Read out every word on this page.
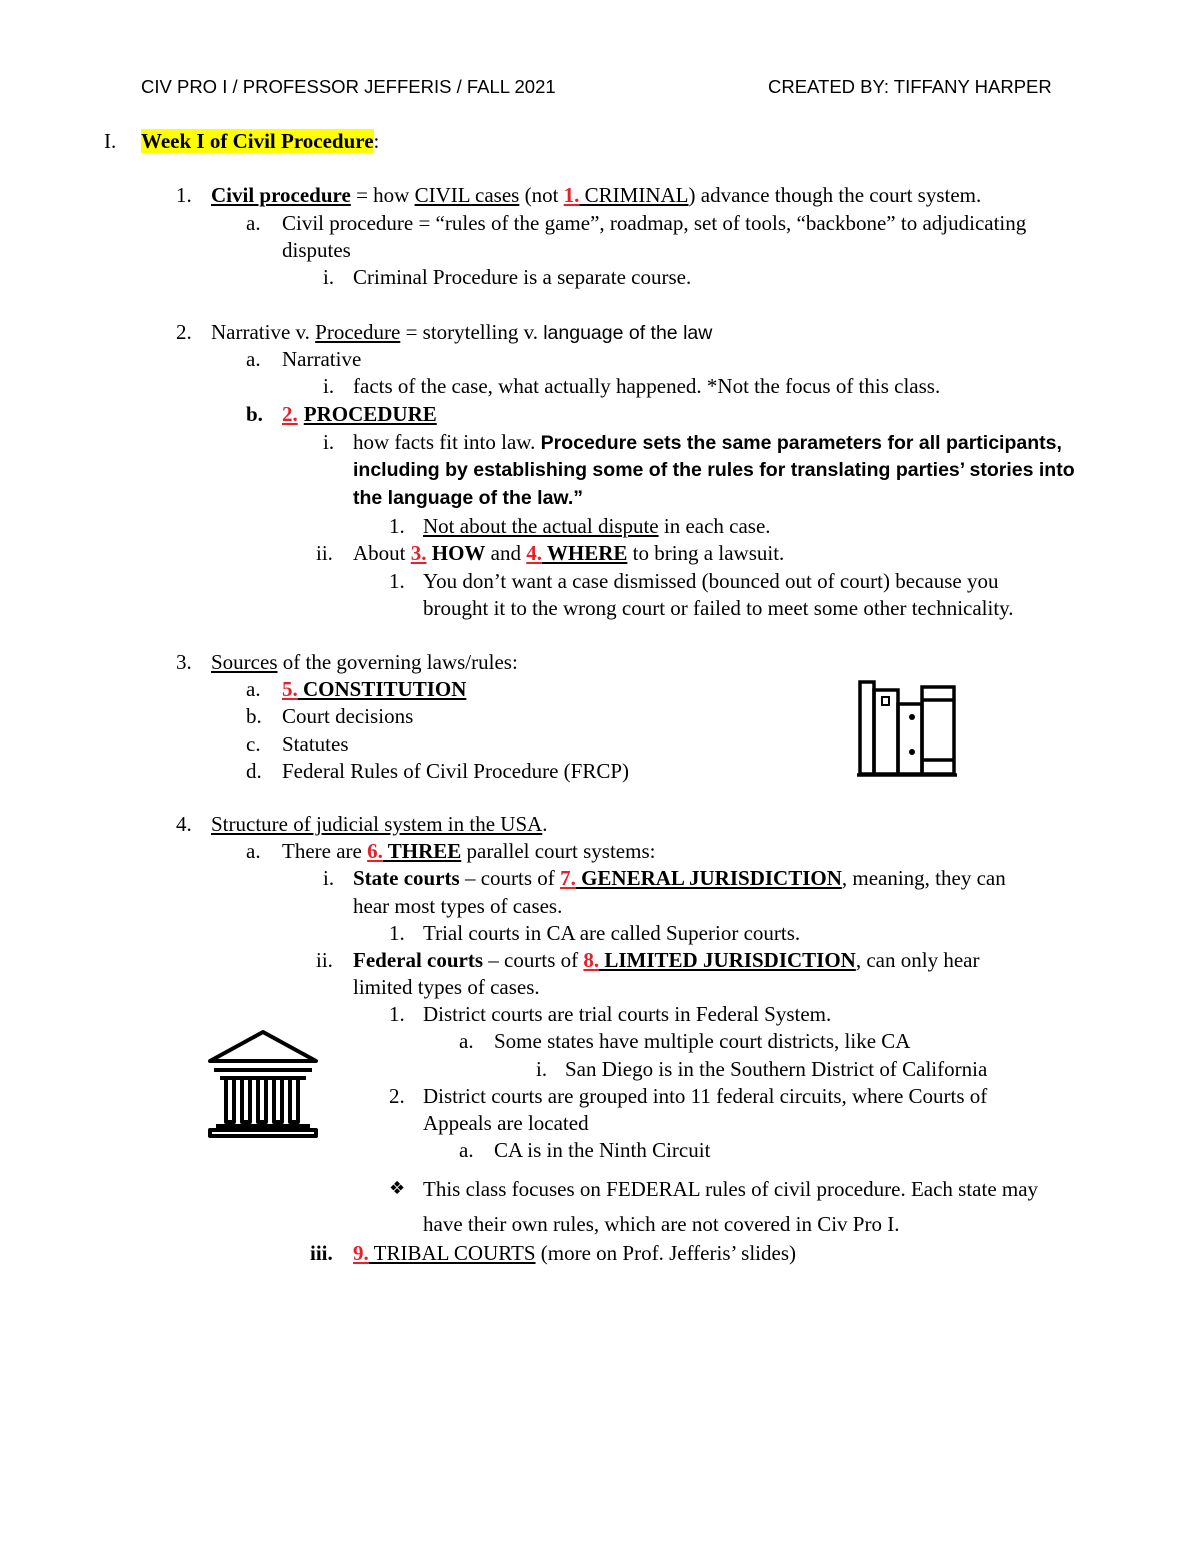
CIV PRO I / PROFESSOR JEFFERIS / FALL 2021	CREATED BY: TIFFANY HARPER
I. Week I of Civil Procedure:
1. Civil procedure = how CIVIL cases (not 1. CRIMINAL) advance though the court system.
a. Civil procedure = “rules of the game”, roadmap, set of tools, “backbone” to adjudicating
disputes
i. Criminal Procedure is a separate course.
2. Narrative v. Procedure = storytelling v. language of the law
a. Narrative
i. facts of the case, what actually happened. *Not the focus of this class.
b. 2. PROCEDURE
i. how facts fit into law. Procedure sets the same parameters for all participants,
including by establishing some of the rules for translating parties’ stories into
the language of the law.”
1. Not about the actual dispute in each case.
ii. About 3. HOW and 4. WHERE to bring a lawsuit.
1. You don’t want a case dismissed (bounced out of court) because you
brought it to the wrong court or failed to meet some other technicality.
3. Sources of the governing laws/rules:
a. 5. CONSTITUTION
b. Court decisions
c. Statutes
d. Federal Rules of Civil Procedure (FRCP)
4. Structure of judicial system in the USA.
a. There are 6. THREE parallel court systems:
i. State courts – courts of 7. GENERAL JURISDICTION, meaning, they can
hear most types of cases.
1. Trial courts in CA are called Superior courts.
ii. Federal courts – courts of 8. LIMITED JURISDICTION, can only hear
limited types of cases.
1. District courts are trial courts in Federal System.
a. Some states have multiple court districts, like CA
i. San Diego is in the Southern District of California
2. District courts are grouped into 11 federal circuits, where Courts of
Appeals are located
a. CA is in the Ninth Circuit
❖ This class focuses on FEDERAL rules of civil procedure. Each state may
have their own rules, which are not covered in Civ Pro I.
iii. 9. TRIBAL COURTS (more on Prof. Jefferis’ slides)
